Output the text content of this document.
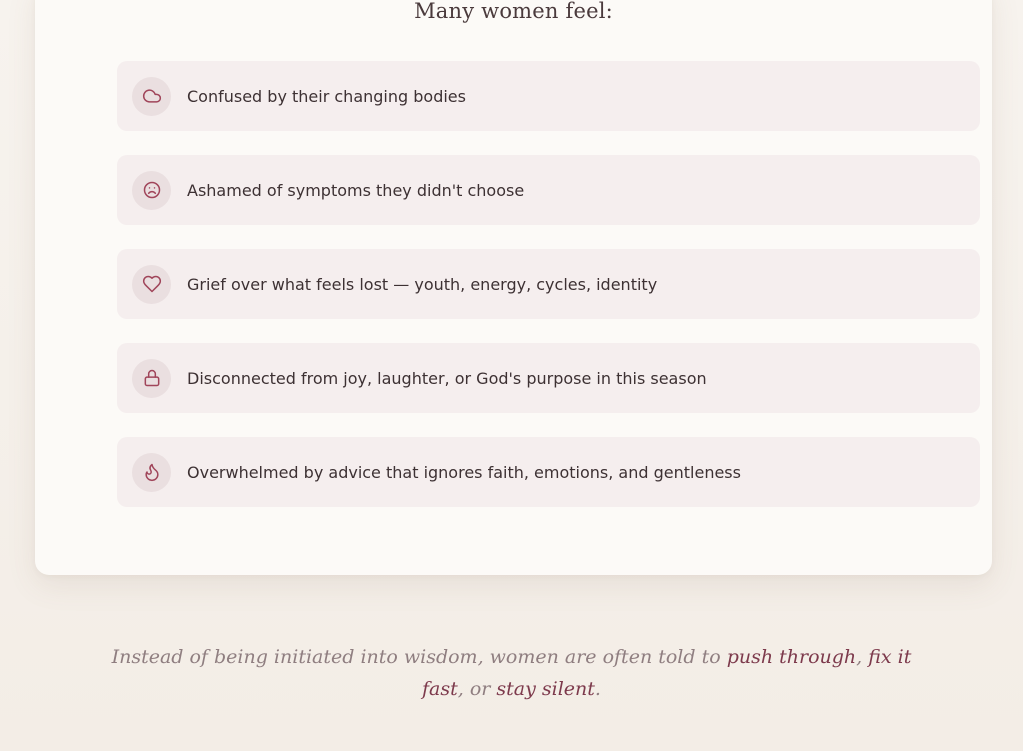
Many women feel:
Confused by their changing bodies
Ashamed of symptoms they didn't choose
Grief over what feels lost — youth, energy, cycles, identity
Disconnected from joy, laughter, or God's purpose in this season
Overwhelmed by advice that ignores faith, emotions, and gentleness

Instead of being initiated into wisdom, women are often told to push through, fix it fast, or stay silent.
